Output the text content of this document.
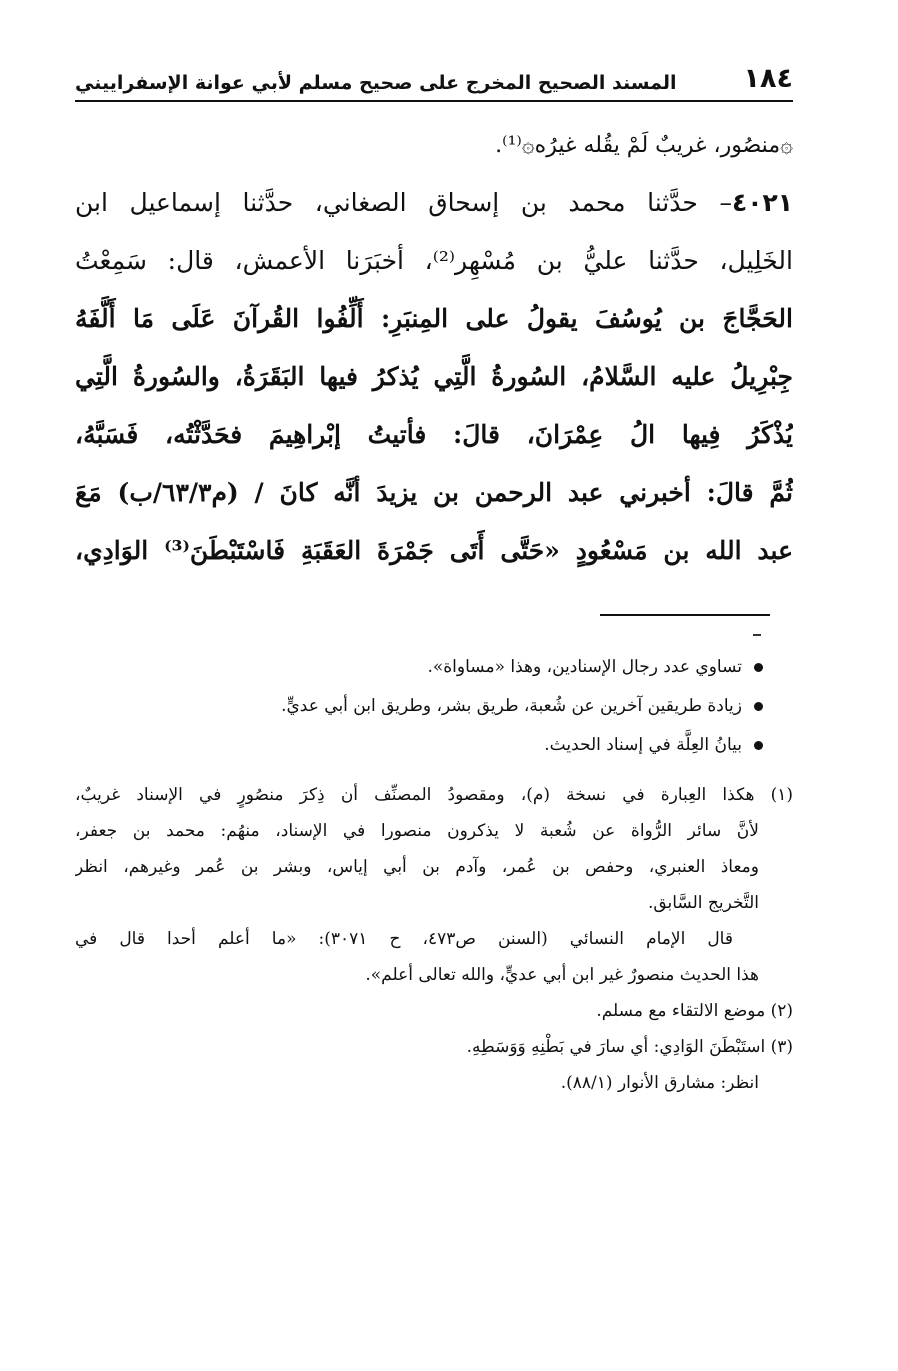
١٨٤
المسند الصحيح المخرج على صحيح مسلم لأبي عوانة الإسفراييني
۞منصُور، غريبٌ لَمْ يقُله غيرُه۞⁽¹⁾.
٤٠٢١– حدَّثنا محمد بن إسحاق الصغاني، حدَّثنا إسماعيل ابن
الخَلِيل، حدَّثنا عليُّ بن مُسْهِر⁽²⁾، أخبَرَنا الأعمش، قال: سَمِعْتُ
الحَجَّاجَ بن يُوسُفَ يقولُ على المِنبَرِ: أَلِّفُوا القُرآنَ عَلَى مَا أَلَّفَهُ
جِبْرِيلُ عليه السَّلامُ، السُورةُ الَّتِي يُذكرُ فيها البَقَرَةُ، والسُورةُ الَّتِي
يُذْكَرُ فِيها الُ عِمْرَانَ، قالَ: فأتيتُ إبْراهِيمَ فحَدَّثْتُه، فَسَبَّهُ،
ثُمَّ قالَ: أخبرني عبد الرحمن بن يزيدَ أنَّه كانَ / (م٦٣/٣/ب) مَعَ
عبد الله بن مَسْعُودٍ «حَتَّى أَتَى جَمْرَةَ العَقَبَةِ فَاسْتَبْطَنَ⁽³⁾ الوَادِي،
تساوي عدد رجال الإسنادين، وهذا «مساواة».
زيادة طريقين آخرين عن شُعبة، طريق بشر، وطريق ابن أبي عديٍّ.
بيانُ العِلَّة في إسناد الحديث.
(١) هكذا العِبارة في نسخة (م)، ومقصودُ المصنِّف أن ذِكرَ منصُورٍ في الإسناد غريبٌ،
لأنَّ سائر الرُّواة عن شُعبة لا يذكرون منصورا في الإسناد، منهُم: محمد بن جعفر،
ومعاذ العنبري، وحفص بن عُمر، وآدم بن أبي إياس، وبشر بن عُمر وغيرهم، انظر
التَّخريج السَّابق.
قال الإمام النسائي (السنن ص٤٧٣، ح ٣٠٧١): «ما أعلم أحدا قال في
هذا الحديث منصورٌ غير ابن أبي عديٍّ، والله تعالى أعلم».
(٢) موضع الالتقاء مع مسلم.
(٣) استَبْطَنَ الوَادِي: أي سارَ في بَطْنِهِ وَوَسَطِهِ.
انظر: مشارق الأنوار (٨٨/١).
